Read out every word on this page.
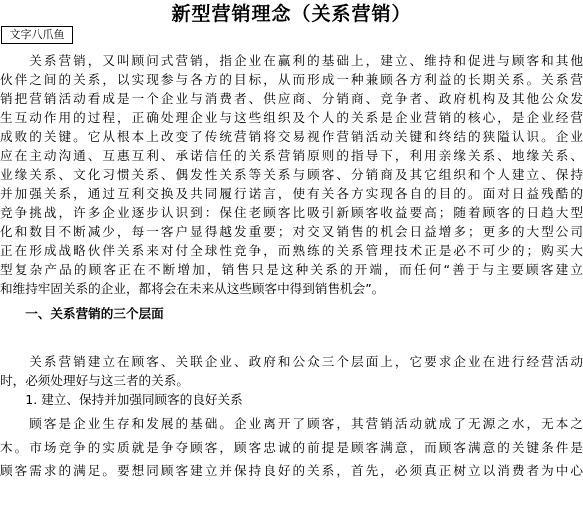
新型营销理念（关系营销）
文字八爪鱼
　　关系营销，又叫顾问式营销，指企业在赢利的基础上，建立、维持和促进与顾客和其他
伙伴之间的关系，以实现参与各方的目标，从而形成一种兼顾各方利益的长期关系。关系营
销把营销活动看成是一个企业与消费者、供应商、分销商、竞争者、政府机构及其他公众发
生互动作用的过程，正确处理企业与这些组织及个人的关系是企业营销的核心，是企业经营
成败的关键。它从根本上改变了传统营销将交易视作营销活动关键和终结的狭隘认识。企业
应在主动沟通、互惠互利、承诺信任的关系营销原则的指导下，利用亲缘关系、地缘关系、
业缘关系、文化习惯关系、偶发性关系等关系与顾客、分销商及其它组织和个人建立、保持
并加强关系，通过互利交换及共同履行诺言，使有关各方实现各自的目的。面对日益残酷的
竞争挑战，许多企业逐步认识到：保住老顾客比吸引新顾客收益要高；随着顾客的日趋大型
化和数目不断减少，每一客户显得越发重要；对交叉销售的机会日益增多；更多的大型公司
正在形成战略伙伴关系来对付全球性竞争，而熟练的关系管理技术正是必不可少的；购买大
型复杂产品的顾客正在不断增加，销售只是这种关系的开端，而任何“善于与主要顾客建立
和维持牢固关系的企业，都将会在未来从这些顾客中得到销售机会”。
　　一、关系营销的三个层面
　　关系营销建立在顾客、关联企业、政府和公众三个层面上，它要求企业在进行经营活动
时，必须处理好与这三者的关系。
　　1. 建立、保持并加强同顾客的良好关系
　　顾客是企业生存和发展的基础。企业离开了顾客，其营销活动就成了无源之水，无本之
木。市场竞争的实质就是争夺顾客，顾客忠诚的前提是顾客满意，而顾客满意的关键条件是
顾客需求的满足。要想同顾客建立并保持良好的关系，首先，必须真正树立以消费者为中心
